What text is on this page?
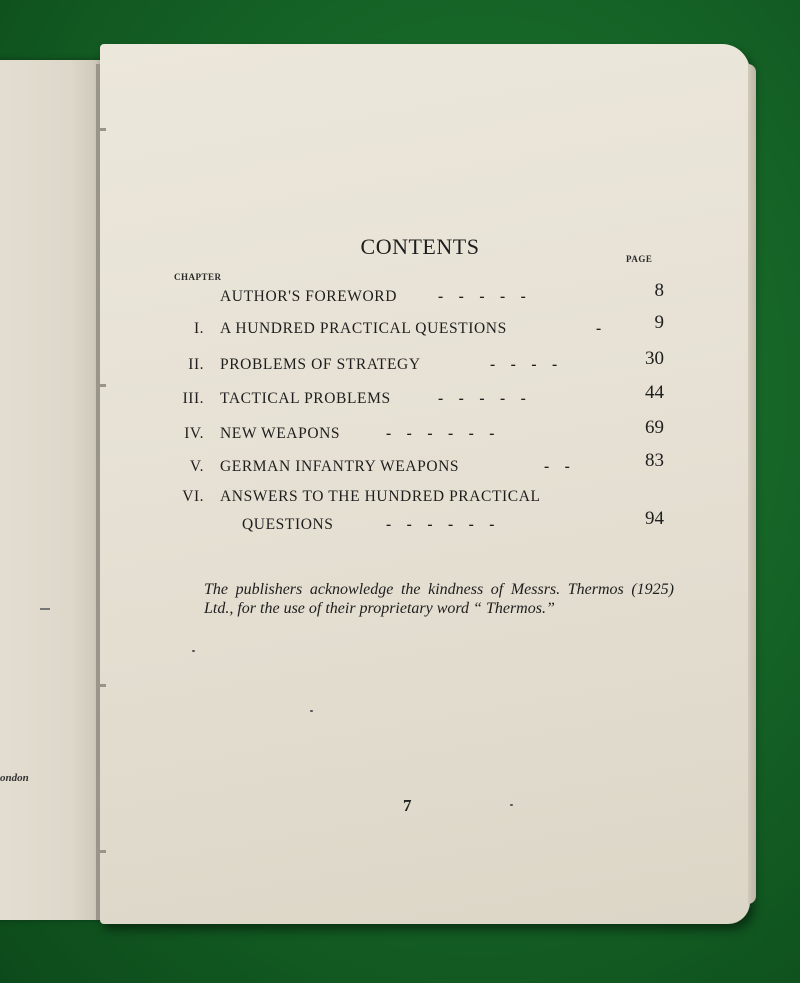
ondon
CONTENTS
CHAPTER
PAGE
AUTHOR'S FOREWORD	-    -    -    -    -	8
I. A HUNDRED PRACTICAL QUESTIONS	-	9
II. PROBLEMS OF STRATEGY	-    -    -    -	30
III. TACTICAL PROBLEMS	-    -    -    -    -	44
IV. NEW WEAPONS	-    -    -    -    -    -	69
V. GERMAN INFANTRY WEAPONS	-    -	83
VI. ANSWERS TO THE HUNDRED PRACTICAL
QUESTIONS	-    -    -    -    -    -	94
The publishers acknowledge the kindness of Messrs. Thermos (1925) Ltd., for the use of their proprietary word “ Thermos.”
7
